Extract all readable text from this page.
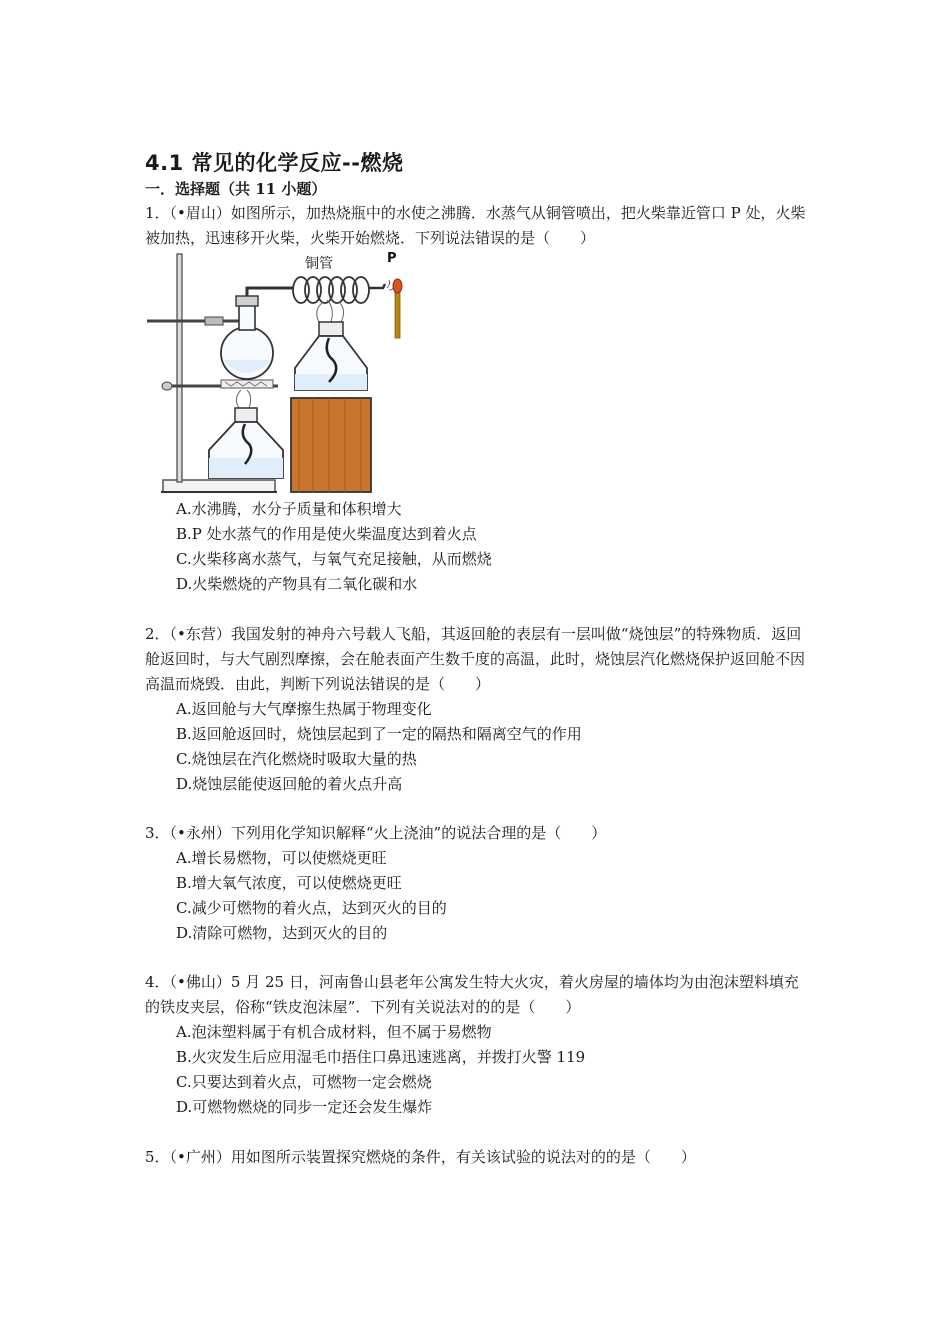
4.1 常见的化学反应--燃烧
一．选择题（共 11 小题）
1．（•眉山）如图所示，加热烧瓶中的水使之沸腾．水蒸气从铜管喷出，把火柴靠近管口 P 处，火柴被加热，迅速移开火柴，火柴开始燃烧．下列说法错误的是（　　）
铜管	P
A.水沸腾，水分子质量和体积增大
B.P 处水蒸气的作用是使火柴温度达到着火点
C.火柴移离水蒸气，与氧气充足接触，从而燃烧
D.火柴燃烧的产物具有二氧化碳和水
2．（•东营）我国发射的神舟六号载人飞船，其返回舱的表层有一层叫做“烧蚀层”的特殊物质．返回舱返回时，与大气剧烈摩擦，会在舱表面产生数千度的高温，此时，烧蚀层汽化燃烧保护返回舱不因高温而烧毁．由此，判断下列说法错误的是（　　）
A.返回舱与大气摩擦生热属于物理变化
B.返回舱返回时，烧蚀层起到了一定的隔热和隔离空气的作用
C.烧蚀层在汽化燃烧时吸取大量的热
D.烧蚀层能使返回舱的着火点升高
3．（•永州）下列用化学知识解释“火上浇油”的说法合理的是（　　）
A.增长易燃物，可以使燃烧更旺
B.增大氧气浓度，可以使燃烧更旺
C.减少可燃物的着火点，达到灭火的目的
D.清除可燃物，达到灭火的目的
4．（•佛山）5 月 25 日，河南鲁山县老年公寓发生特大火灾，着火房屋的墙体均为由泡沫塑料填充的铁皮夹层，俗称“铁皮泡沫屋”．下列有关说法对的的是（　　）
A.泡沫塑料属于有机合成材料，但不属于易燃物
B.火灾发生后应用湿毛巾捂住口鼻迅速逃离，并拨打火警 119
C.只要达到着火点，可燃物一定会燃烧
D.可燃物燃烧的同步一定还会发生爆炸
5．（•广州）用如图所示装置探究燃烧的条件，有关该试验的说法对的的是（　　）
